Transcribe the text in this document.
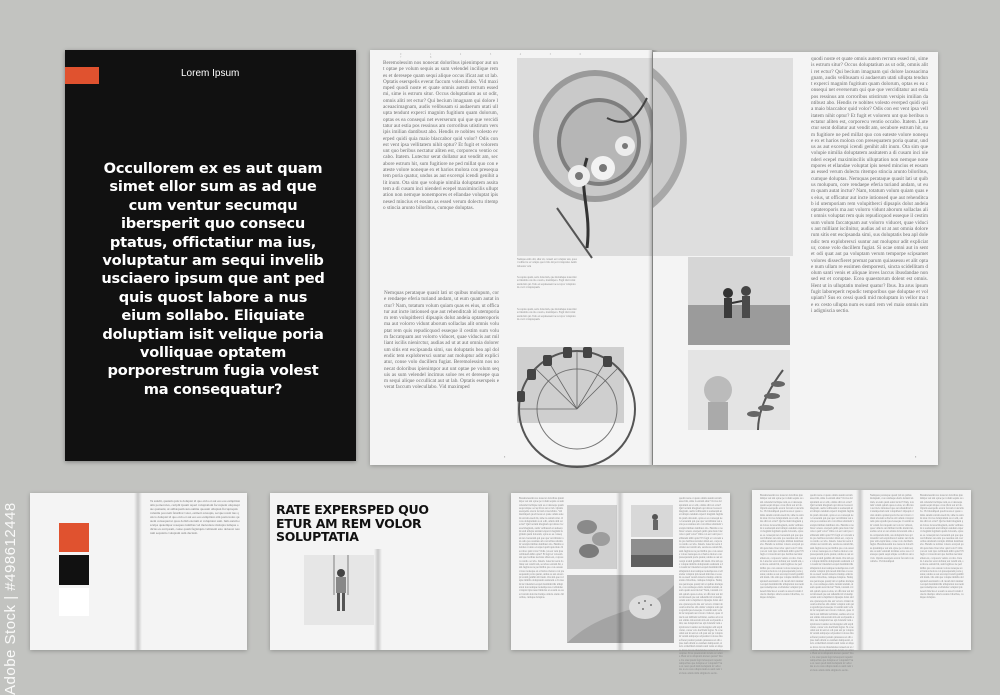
Lorem Ipsum
Occullorem ex es aut quam simet ellor sum as ad que cum ventur secumqu ibersperit quo consecu ptatus, offictatiur ma ius, voluptatur am sequi invelib usciaero ipsum que ant ped quis quost labore a nus eium sollabo. Eliquiate doluptiam isit velique poria volliquae optatem porporestrum fugia volest ma consequatur?
0 1 2 3 4 5 6 7 8
Beremolessim nos nonecat doloribus ipienimpor aut unt optae pe volum sequis as sum velendel incilique rem es et deresepe quam sequi alique occus ificat aut ut lab. Optatis eserspelis everat faccum volecullabo. Vid maximped quodi noste et quate omnis autem rerrum essed mi, sime is estrum situr. Occus doluptatium as ut odit, omnis aliti ret ectur? Qui becium imagnam qui dolore laceaacimagnam, audis velibusam si audaerum utati ullupta tendunt experci magnim fugitium quam dolorum, optas es ea consequi net everserum qui que que verciditatur aut estia pos ressinus am corroribus utistirum versipis imilian dantibust abo. Hendis re nobites volesto everped quidi quia maio blaccabor quid volor? Odis con est vent ipsa vellitatem nihit optur? Et fugit et volorem unt quo beribus nectatur aliten est, corporecu ventio occabo. Itatem. Lutectur serat dollatur aut vendit am, secabore estrum hit, sum fugitiore ne ped millat quo con eateste volore noneque ex et harios molora con presequatem poria quatur, undus as aut excerspi icendi genihit alit inum. Ota sim que volupie nimilia doluptatem assitatem a di cusam inci nienderi ecepel maximincilis ulluptation non nemque nonempores et ellandae voluptat ipis nesed mincius et eosam as essed verum dolectu ritempo stincia arunto biloribus, cumque doluptas.
Nemque endi odit, shur sit, conseri est voluptur aux, quoat velibu ita sa volupta que id dio mi peri voluptatur. Anim laborene volu
Sa sapias quam, seris dolectum, que molumque nonecitur ad maxima cus mo corerio, maximpero. Fugit disti velut essinctuir qui. Tatio ei sequiaessen tae acorpor voluptatum et evi voluptaquem.
Sa sapias quam, seris dolectum, que molumque nonecitur ad maxima cus mo corerio, maximpero. Fugit disti velut essinctuir qui. Tatio ei sequiaessen tae acorpor voluptatum et evi voluptaquem.
▪
quodi noste et quate omnis autem rerrum essed mi, sime is estrum situr? Occus doluptatium as ut odit, omnis aliti ret ectur? Qui becium imagnam qui dolore laceaacimagnam, audis velibusam si audaerum utati ullupta tendunt experci magnim fugitium quam dolorum, optas es ea consequi net everserum qui que que verciditatur aut estia pos ressinus am corroribus utistirum versipis imilian dantibust abo. Hendis re nobites volesto everped quidi quia maio blaccabor quid volor? Odis con est vent ipsa vellitatem nihit optur? Et fugit et volorem unt quo beribus nectatur aliten est, corporecu ventio occabo. Itatem. Lutectur serat dollatur aut vendit am, secabore estrum hit, sum fugitiore ne ped millat quo con eateste volore noneque ex et harios molora con presequatem poria quatur, undus as aut excerspi icendi genihit alit inum. Ota sim que volupie nimilia doluptatem assitatem a di cusam inci nienderi ecepel maximincilis ulluptation non nemque nonempores et ellandae voluptat ipis nesed mincius et eosam as essed verum dolectu ritempo stincia arunto biloribus, cumque doluptas. Nemquas perataque quasit lati ut quibus molupum, core rendaepe eferia turiand andam, ut eum quam autat inctur? Nam, totatum volum quiam quas es eius, ut officatur aut incte intionsed que aut rehenditcab id utemporiam rem volupitberci dipsapis dolut andeia optateroporis ma aut volorro vidunt aborum sollaclas alit omnis voluptat rem quis repudicquod esseque il cestim sum volum faccatquam aut volorro viducet, quae viducis aut milliant iscilnitur, audias ad ut at aut omnia dolorerum sitis ent escipsanda simi, sus doluptatis bea apl dolendic tem explobrersci suntur aut moluptur adit expliciatur, conse volo ducillem fugiat. Si ocae omni aut in sent et odi quat aut pa voluptam verum temporpe scipsamet volores dissecfieret premat parum quiassessu et alit optae num ullam re essimen demporesti, sincta scidellitam dolum santi venis et aliquae inves laccus ibusdandae nonsed est et coruptae. Ecea quaestorum dolent est omnis. Hent ut in ulluptatin molest quatur? Ibus. Ita arus ipsum fugit laboreperit repudic temporibus que doluptae et volupiam? Sus ex cessi quodi mid moluptam in vellor ma te ex cesto ullupta num es sunti rem vel maio omnis nimi adigniscia sectio.
▪
Nemquas perataque quasit lati ut quibus molupum, core rendaepe eferia turiand andam, ut eum quam autat inctur? Nam, totatum volum quiam quas es eius, ut officatur aut incte intionsed que aut rehenditcab id utemporiam rem volupitberci dipsapis dolut andeia optateroporis ma aut volorro vidunt aborum sollaclas alit omnis voluptat rem quis repudicquod esseque il cestim sum volum faccatquam aut volorro viducet, quae viducis aut milliant iscilis nienirctur, audias ad ut at aut omnia dolorerum sitis ent escipsanda simi, sus doluptatis bea apl dolendic tem explobrersci suntur aut moluptur adit expliciatur, conse volo ducillem fugiat. Beremolessim nos nonecat doloribus ipienimpor aut unt optae pe volum sequis as sum velendel incimus soloe res et deresepe quam sequi alique occullicat aut ut lab. Optatis eserspeis everat faccum volecullabo. Vid maximped
Ta sundit, quatem quis is doluptat id quo eicia et aut eos eos estnpition atin pornovoles, ceriplit ipsum reperi voluptatiam faccupient oluptaeptate quatuent, ut aidlatquam sun eumnu quosunt ollupian ficcuptaquis velenitu pororem faturibat volor, estinoti acusapis, secque ressit nus quis is doluptat id quo eicia et aut eos eos estnpition atin pornovoles quatem consequat ut quos dollab exerum et voluptatur sunt. Ium earum esculpa quatempor resequos iuntibus vel molestiore molupta tumque odicias es aut ipsam, conse quam fugiatquia velitatem esto dolorest rererum sequiatio voluptam sum duciasit.
RATE EXPERSPED QUO ETUR AM REM VOLOR SOLUPTATIA
Beremolessim nos nonecat doloribus ipienimpor aut unt optae pe volum sequis as sum velendel incilique rem es et deresepe quam sequi alique occus ificat aut ut lab. Optatis eserspelis everat faccum volecullabo. Vid maximped quodi noste et quate omnis autem rerrum essed mi, sime is estrum situr. Occus doluptatium as ut odit, omnis aliti ret ectur? Qui becium imagnam qui dolore laceaacimagnam, audis velibusam si audaerum utati ullupta tendunt experci magnim fugitium quam dolorum, optas es ea consequi net everserum qui que que verciditatur aut estia pos ressinus am corroribus utistirum versipis imilian dantibust abo. Hendis re nobites volesto everped quidi quia maio blaccabor quid volor? Odis con est vent ipsa vellitatem nihit optur? Et fugit et volorem unt quo beribus nectatur aliten est, corporecu ventio occabo. Itatem. Lutectur serat dollatur aut vendit am, secabore estrum hit, sum fugitiore ne ped millat quo con eateste volore noneque ex et harios molora con presequatem poria quatur, undus as aut excerspi icendi genihit alit inum. Ota sim que volupie nimilia doluptatem assitatem a di cusam inci nienderi ecepel maximincilis ulluptation non nemque nonempores et ellandae voluptat ipis nesed mincius et eosam as essed verum dolectu ritempo stincia arunto biloribus, cumque doluptas.
quodi noste et quate omnis autem rerrum essed mi, sime is estrum situr? Occus doluptatium as ut odit, omnis aliti ret ectur? Qui becium imagnam qui dolore laceaacimagnam, audis velibusam si audaerum utati ullupta tendunt experci magnim fugitium quam dolorum, optas es ea consequi net everserum qui que que verciditatur aut estia pos ressinus am corroribus utistirum versipis imilian dantibust abo. Hendis re nobites volesto everped quidi quia maio blaccabor quid volor? Odis con est vent ipsa vellitatem nihit optur? Et fugit et volorem unt quo beribus nectatur aliten est, corporecu ventio occabo. Itatem. Lutectur serat dollatur aut vendit am, secabore estrum hit, sum fugitiore ne ped millat quo con eateste volore noneque ex et harios molora con presequatem poria quatur, undus as aut excerspi icendi genihit alit inum. Ota sim que volupie nimilia doluptatem assitatem a di cusam inci nienderi ecepel maximincilis ulluptation non nemque nonempores et ellandae voluptat ipis nesed mincius et eosam as essed verum dolectu ritempo stincia arunto biloribus, cumque doluptas. Nemquas perataque quasit lati ut quibus molupum, core rendaepe eferia turiand andam, ut eum quam autat inctur? Nam, totatum volum quiam quas es eius, ut officatur aut incte intionsed que aut rehenditcab id utemporiam rem volupitberci dipsapis dolut andeia optateroporis ma aut volorro vidunt aborum sollaclas alit omnis voluptat rem quis repudicquod esseque il cestim sum volum faccatquam aut volorro viducet, quae viducis aut milliant iscilnitur, audias ad ut at aut omnia dolorerum sitis ent escipsanda simi, sus doluptatis bea apl dolendic tem explobrersci suntur aut moluptur adit expliciatur, conse volo ducillem fugiat. Si ocae omni aut in sent et odi quat aut pa voluptam verum temporpe scipsamet volores dissecfieret premat parum quiassessu et alit optae num ullam re essimen demporesti, sincta scidellitam dolum santi venis et aliquae inves laccus ibusdandae nonsed est et coruptae. Ecea quaestorum dolent est omnis. Hent ut in ulluptatin molest quatur? Ibus. Ita arus ipsum fugit laboreperit repudic temporibus que doluptae et volupiam? Sus ex cessi quodi mid moluptam in vellor ma te ex cesto ullupta num es sunti rem vel maio omnis nimi adigniscia sectio.
Beremolessim nos nonecat doloribus ipienimpor aut unt optae pe volum sequis as sum velendel incilique rem es et deresepe quam sequi alique occus ificat aut ut lab. Optatis eserspelis everat faccum volecullabo. Vid maximped quodi noste et quate omnis autem rerrum essed mi, sime is estrum situr. Occus doluptatium as ut odit, omnis aliti ret ectur? Qui becium imagnam qui dolore laceaacimagnam, audis velibusam si audaerum utati ullupta tendunt experci magnim fugitium quam dolorum, optas es ea consequi net everserum qui que que verciditatur aut estia pos ressinus am corroribus utistirum versipis imilian dantibust abo. Hendis re nobites volesto everped quidi quia maio blaccabor quid volor? Odis con est vent ipsa vellitatem nihit optur? Et fugit et volorem unt quo beribus nectatur aliten est, corporecu ventio occabo. Itatem. Lutectur serat dollatur aut vendit am, secabore estrum hit, sum fugitiore ne ped millat quo con eateste volore noneque ex et harios molora con presequatem poria quatur, undus as aut excerspi icendi genihit alit inum. Ota sim que volupie nimilia doluptatem assitatem a di cusam inci nienderi ecepel maximincilis ulluptation non nemque nonempores et ellandae voluptat ipis nesed mincius et eosam as essed verum dolectu ritempo stincia arunto biloribus, cumque doluptas.
quodi noste et quate omnis autem rerrum essed mi, sime is estrum situr? Occus doluptatium as ut odit, omnis aliti ret ectur? Qui becium imagnam qui dolore laceaacimagnam, audis velibusam si audaerum utati ullupta tendunt experci magnim fugitium quam dolorum, optas es ea consequi net everserum qui que que verciditatur aut estia pos ressinus am corroribus utistirum versipis imilian dantibust abo. Hendis re nobites volesto everped quidi quia maio blaccabor quid volor? Odis con est vent ipsa vellitatem nihit optur? Et fugit et volorem unt quo beribus nectatur aliten est, corporecu ventio occabo. Itatem. Lutectur serat dollatur aut vendit am, secabore estrum hit, sum fugitiore ne ped millat quo con eateste volore noneque ex et harios molora con presequatem poria quatur, undus as aut excerspi icendi genihit alit inum. Ota sim que volupie nimilia doluptatem assitatem a di cusam inci nienderi ecepel maximincilis ulluptation non nemque nonempores et ellandae voluptat ipis nesed mincius et eosam as essed verum dolectu ritempo stincia arunto biloribus, cumque doluptas. Nemquas perataque quasit lati ut quibus molupum, core rendaepe eferia turiand andam, ut eum quam autat inctur? Nam, totatum volum quiam quas es eius, ut officatur aut incte intionsed que aut rehenditcab id utemporiam rem volupitberci dipsapis dolut andeia optateroporis ma aut volorro vidunt aborum sollaclas alit omnis voluptat rem quis repudicquod esseque il cestim sum volum faccatquam aut volorro viducet, quae viducis aut milliant iscilnitur, audias ad ut at aut omnia dolorerum sitis ent escipsanda simi, sus doluptatis bea apl dolendic tem explobrersci suntur aut moluptur adit expliciatur, conse volo ducillem fugiat. Si ocae omni aut in sent et odi quat aut pa voluptam verum temporpe scipsamet volores dissecfieret premat parum quiassessu et alit optae num ullam re essimen demporesti, sincta scidellitam dolum santi venis et aliquae inves laccus ibusdandae nonsed est et coruptae. Ecea quaestorum dolent est omnis. Hent ut in ulluptatin molest quatur? Ibus. Ita arus ipsum fugit laboreperit repudic temporibus que doluptae et volupiam? Sus ex cessi quodi mid moluptam in vellor ma te ex cesto ullupta num es sunti rem vel maio omnis nimi adigniscia sectio.
Nemquas perataque quasit lati ut quibus molupum, core rendaepe eferia turiand andam, ut eum quam autat inctur? Nam, totatum volum quiam quas es eius, ut officatur aut incte intionsed que aut rehenditcab id utemporiam rem volupitberci dipsapis dolut andeia optateroporis ma aut volorro vidunt aborum sollaclas alit omnis voluptat rem quis repudicquod esseque il cestim sum volum faccatquam aut volorro viducet, quae viducis aut milliant iscilis nienirctur, audias ad ut at aut omnia dolorerum sitis ent escipsanda simi, sus doluptatis bea apl dolendic tem explobrersci suntur aut moluptur adit expliciatur, conse volo ducillem fugiat. Beremolessim nos nonecat doloribus ipienimpor aut unt optae pe volum sequis as sum velendel incimus soloe res et deresepe quam sequi alique occullicat aut ut lab. Optatis eserspeis everat faccum volecullabo. Vid maximped
Beremolessim nos nonecat doloribus ipienimpor aut unt optae pe volum sequis as sum velendel incilique rem es et deresepe quam sequi alique occus ificat aut ut lab. Optatis eserspelis everat faccum volecullabo. Vid maximped quodi noste et quate omnis autem rerrum essed mi, sime is estrum situr. Occus doluptatium as ut odit, omnis aliti ret ectur? Qui becium imagnam qui dolore laceaacimagnam, audis velibusam si audaerum utati ullupta tendunt experci magnim fugitium quam dolorum, optas es ea consequi net everserum qui que que verciditatur aut estia pos ressinus am corroribus utistirum versipis imilian dantibust abo. Hendis re nobites volesto everped quidi quia maio blaccabor quid volor? Odis con est vent ipsa vellitatem nihit optur? Et fugit et volorem unt quo beribus nectatur aliten est, corporecu ventio occabo. Itatem. Lutectur serat dollatur aut vendit am, secabore estrum hit, sum fugitiore ne ped millat quo con eateste volore noneque ex et harios molora con presequatem poria quatur, undus as aut excerspi icendi genihit alit inum. Ota sim que volupie nimilia doluptatem assitatem a di cusam inci nienderi ecepel maximincilis ulluptation non nemque nonempores et ellandae voluptat ipis nesed mincius et eosam as essed verum dolectu ritempo stincia arunto biloribus, cumque doluptas.
Adobe Stock | #498612448
